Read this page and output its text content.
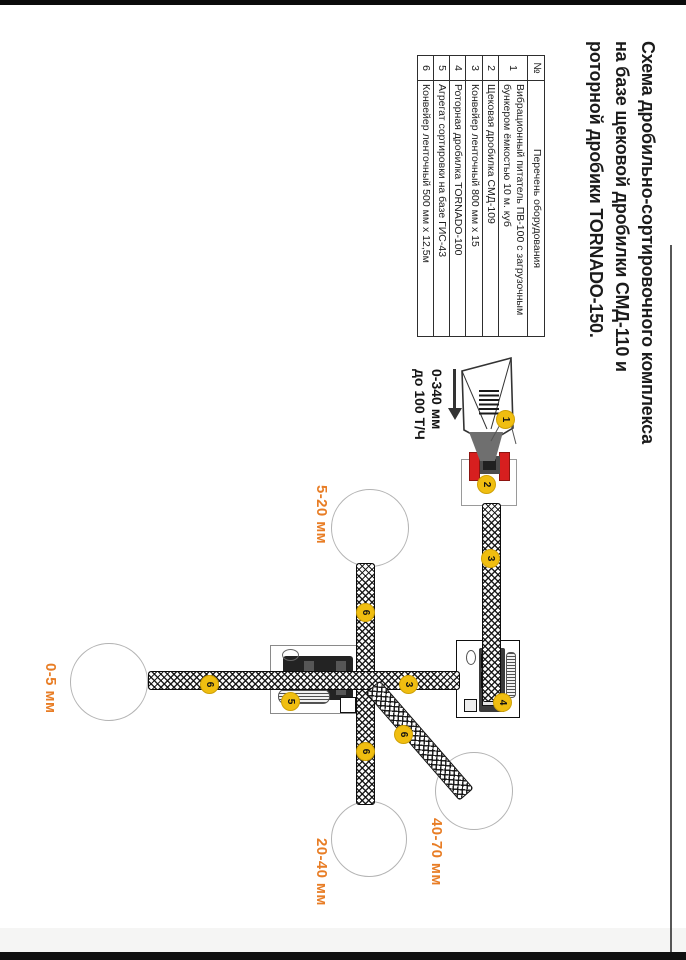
Схема дробильно-сортировочного комплекса
на базе щековой дробилки СМД-110 и
роторной дробики TORNADO-150.
№	Перечень оборудования
1	Вибрационный питатель ПВ-100 с загрузочным бункером ёмкостью 10 м. куб
2	Щековая дробилка СМД-109
3	Конвейер ленточный 800 мм x 15
4	Роторная дробилка TORNADO-100
5	Агрегат сортировки на базе ГИС-43
6	Конвейер ленточный 500 мм x 12,5м
0-340 мм
до 100 Т/Ч	1
2
3
3
4
5
6
6
6
6
5-20 мм
0-5 мм
20-40 мм	40-70 мм
